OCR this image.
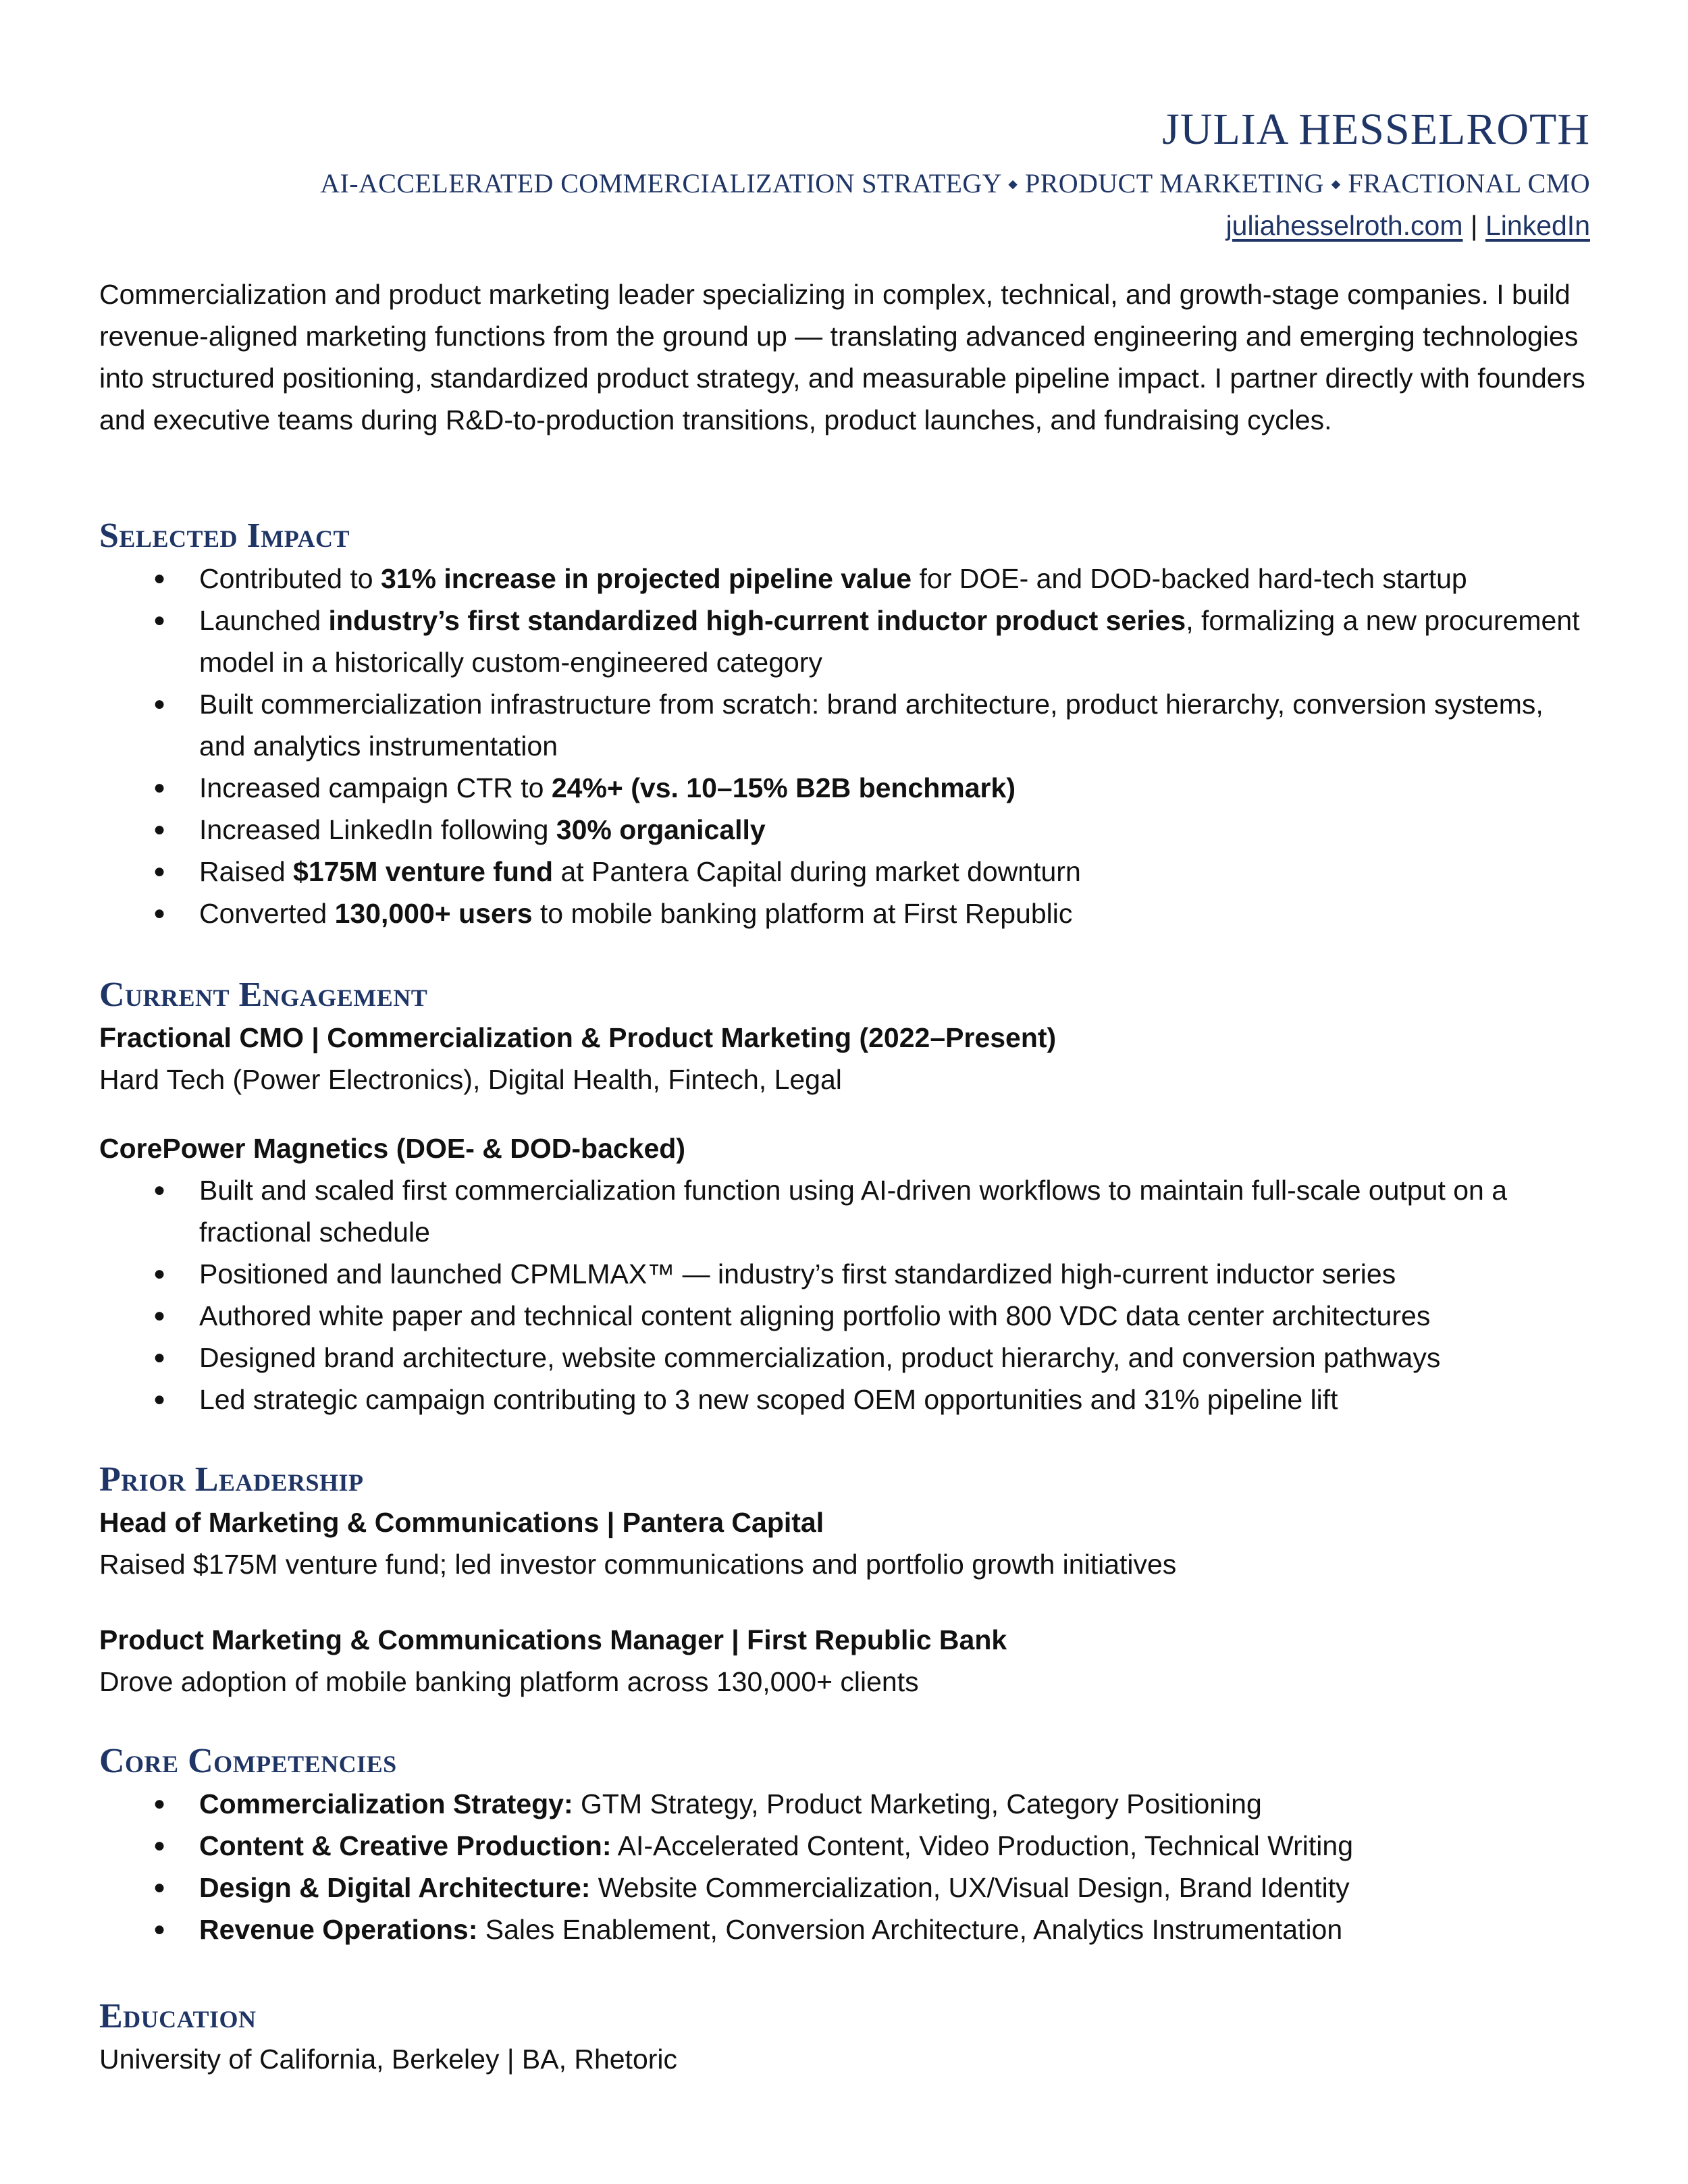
JULIA HESSELROTH
AI-ACCELERATED COMMERCIALIZATION STRATEGY ⬩ PRODUCT MARKETING ⬩ FRACTIONAL CMO
juliahesselroth.com | LinkedIn
Commercialization and product marketing leader specializing in complex, technical, and growth-stage companies. I build revenue-aligned marketing functions from the ground up — translating advanced engineering and emerging technologies into structured positioning, standardized product strategy, and measurable pipeline impact. I partner directly with founders and executive teams during R&D-to-production transitions, product launches, and fundraising cycles.
Selected Impact
● Contributed to 31% increase in projected pipeline value for DOE- and DOD-backed hard-tech startup
● Launched industry’s first standardized high-current inductor product series, formalizing a new procurement model in a historically custom-engineered category
● Built commercialization infrastructure from scratch: brand architecture, product hierarchy, conversion systems, and analytics instrumentation
● Increased campaign CTR to 24%+ (vs. 10–15% B2B benchmark)
● Increased LinkedIn following 30% organically
● Raised $175M venture fund at Pantera Capital during market downturn
● Converted 130,000+ users to mobile banking platform at First Republic
Current Engagement
Fractional CMO | Commercialization & Product Marketing (2022–Present)
Hard Tech (Power Electronics), Digital Health, Fintech, Legal
CorePower Magnetics (DOE- & DOD-backed)
● Built and scaled first commercialization function using AI-driven workflows to maintain full-scale output on a fractional schedule
● Positioned and launched CPMLMAX™ — industry’s first standardized high-current inductor series
● Authored white paper and technical content aligning portfolio with 800 VDC data center architectures
● Designed brand architecture, website commercialization, product hierarchy, and conversion pathways
● Led strategic campaign contributing to 3 new scoped OEM opportunities and 31% pipeline lift
Prior Leadership
Head of Marketing & Communications | Pantera Capital
Raised $175M venture fund; led investor communications and portfolio growth initiatives
Product Marketing & Communications Manager | First Republic Bank
Drove adoption of mobile banking platform across 130,000+ clients
Core Competencies
● Commercialization Strategy: GTM Strategy, Product Marketing, Category Positioning
● Content & Creative Production: AI-Accelerated Content, Video Production, Technical Writing
● Design & Digital Architecture: Website Commercialization, UX/Visual Design, Brand Identity
● Revenue Operations: Sales Enablement, Conversion Architecture, Analytics Instrumentation
Education
University of California, Berkeley | BA, Rhetoric
